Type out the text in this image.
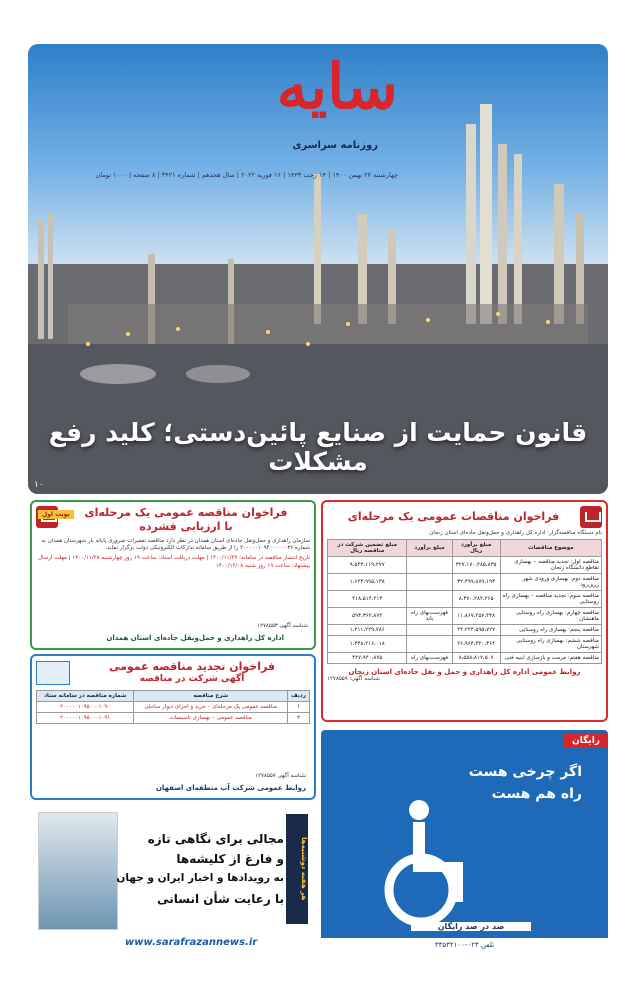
سایه
روزنامه سراسری
چهارشنبه ۲۷ بهمن ۱۴۰۰ | ۱۴ رجب ۱۴۴۳ | ۱۶ فوریه ۲۰۲۲ | سال هجدهم | شماره ۳۴۲۱ | ۸ صفحه | ۱۰۰۰ تومان
قانون حمایت از صنایع پائین‌دستی؛ کلید رفع مشکلات
۱۰
فراخوان مناقصات عمومی یک مرحله‌ای
نام دستگاه مناقصه‌گزار: اداره کل راهداری و حمل‌ونقل جاده‌ای استان زنجان
موضوع مناقصات	مبلغ برآورد ریال	مبلغ برآورد	مبلغ تضمین شرکت در مناقصه ریال
مناقصه اول: تجدید مناقصه – بهسازی تقاطع دانشگاه زنجان	۳۲۷،۱۷۰،۴۸۵،۸۳۵		۹،۵۴۳،۱۱۹،۲۷۷
مناقصه دوم: بهسازی ورودی شهر زرین‌رود	۳۲،۴۹۹،۸۷۹،۱۹۳		۱،۶۲۴،۹۹۵،۱۳۸
مناقصه سوم: تجدید مناقصه – بهسازی راه روستایی	۸،۳۷۰،۲۸۴،۲۶۵		۴۱۸،۵۱۴،۲۱۳
مناقصه چهارم: بهسازی راه روستایی ماهنشان	۱۱،۸۶۷،۲۵۷،۴۳۸	فهرست‌بهای راه باند	۵۹۳،۳۶۲،۸۷۲
مناقصه پنجم: بهسازی راه روستایی	۲۴،۲۲۴،۵۹۵،۷۲۷		۱،۲۱۱،۲۲۹،۷۸۶
مناقصه ششم: بهسازی راه روستایی شهرستان	۲۶،۹۶۴،۳۲۰،۳۶۴		۱،۳۴۸،۲۱۶،۰۱۸
مناقصه هفتم: مرمت و بازسازی ابنیه فنی	۸،۵۵۸،۸۱۷،۵۰۷	فهرست‌بهای راه	۴۲۷،۹۴۰،۸۷۵
روابط عمومی اداره کل راهداری و حمل و نقل جاده‌ای استان زنجان
شناسه آگهی: ۱۲۷۸۵۵۹
فراخوان مناقصه عمومی یک مرحله‌ای
با ارزیابی فشرده
نوبت اول
سازمان راهداری و حمل‌ونقل جاده‌ای استان همدان در نظر دارد مناقصه تعمیرات ضروری پایانه بار شهرستان همدان به شماره ۲۰۰۰۰۰۱۰۹۴۰۰۰۰۰۰۳۶ را از طریق سامانه تدارکات الکترونیکی دولت برگزار نماید.
تاریخ انتشار مناقصه در سامانه: ۱۴۰۰/۱۱/۲۷ | مهلت دریافت اسناد: ساعت ۱۹ روز چهارشنبه ۱۴۰۰/۱۱/۲۸ | مهلت ارسال پیشنهاد: ساعت ۱۹ روز شنبه ۱۴۰۰/۱۲/۰۸
اداره کل راهداری و حمل‌ونقل جاده‌ای استان همدان
شناسه آگهی ۱۲۷۸۵۵۳
فراخوان تجدید مناقصه عمومی
آگهی شرکت در مناقصه
ردیف	شرح مناقصه	شماره مناقصه در سامانه ستاد
۱	مناقصه عمومی یک مرحله‌ای – خرید و اجرای دیوار ساحلی	۲۰۰۰۰۰۱۰۹۵۰۰۰۱۰۹۰
۲	مناقصه عمومی – بهسازی تاسیسات	۲۰۰۰۰۰۱۰۹۵۰۰۰۱۰۹۱
روابط عمومی شرکت آب منطقه‌ای اصفهان
شناسه آگهی ۱۲۷۸۵۵۷
هر هفته دوشنبه‌ها
مجالی برای نگاهی تازه
و فارغ از کلیشه‌ها
به رویدادها و اخبار ایران و جهان
با رعایت شأن انسانی
www.sarafrazannews.ir
رایگان
اگر چرخی هست
راه هم هست
صد در صد رایگان
تلفن ۰۲۴-۳۳۵۳۲۱۰۰
